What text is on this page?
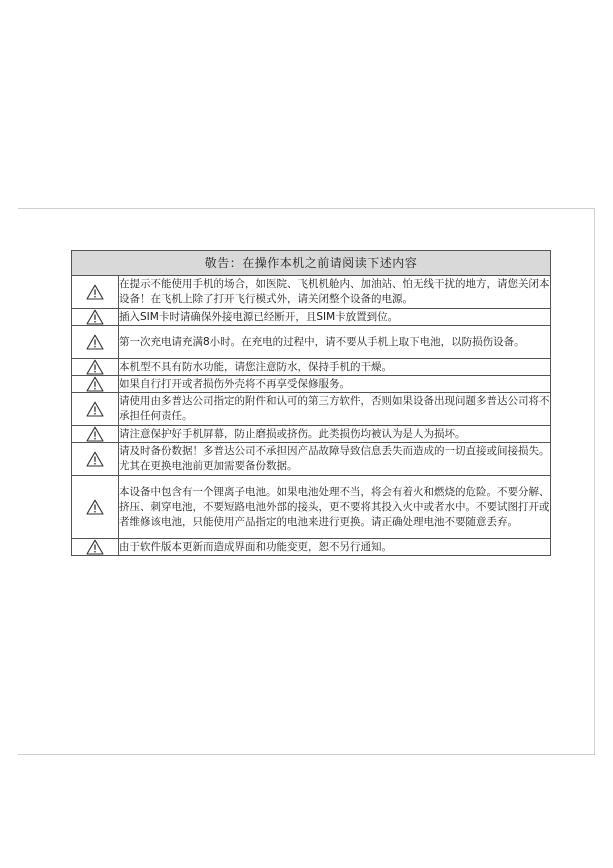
敬告：在操作本机之前请阅读下述内容	
	在提示不能使用手机的场合，如医院、飞机机舱内、加油站、怕无线干扰的地方，请您关闭本设备！在飞机上除了打开飞行模式外，请关闭整个设备的电源。
	插入SIM卡时请确保外接电源已经断开，且SIM卡放置到位。
	第一次充电请充满8小时。在充电的过程中，请不要从手机上取下电池，以防损伤设备。
	本机型不具有防水功能，请您注意防水，保持手机的干燥。
	如果自行打开或者损伤外壳将不再享受保修服务。
	请使用由多普达公司指定的附件和认可的第三方软件，否则如果设备出现问题多普达公司将不承担任何责任。
	请注意保护好手机屏幕，防止磨损或挤伤。此类损伤均被认为是人为损坏。
	请及时备份数据！多普达公司不承担因产品故障导致信息丢失而造成的一切直接或间接损失。尤其在更换电池前更加需要备份数据。
	本设备中包含有一个锂离子电池。如果电池处理不当，将会有着火和燃烧的危险。不要分解、挤压、刺穿电池，不要短路电池外部的接头，更不要将其投入火中或者水中。不要试图打开或者维修该电池，只能使用产品指定的电池来进行更换。请正确处理电池不要随意丢弃。
	由于软件版本更新而造成界面和功能变更，恕不另行通知。
